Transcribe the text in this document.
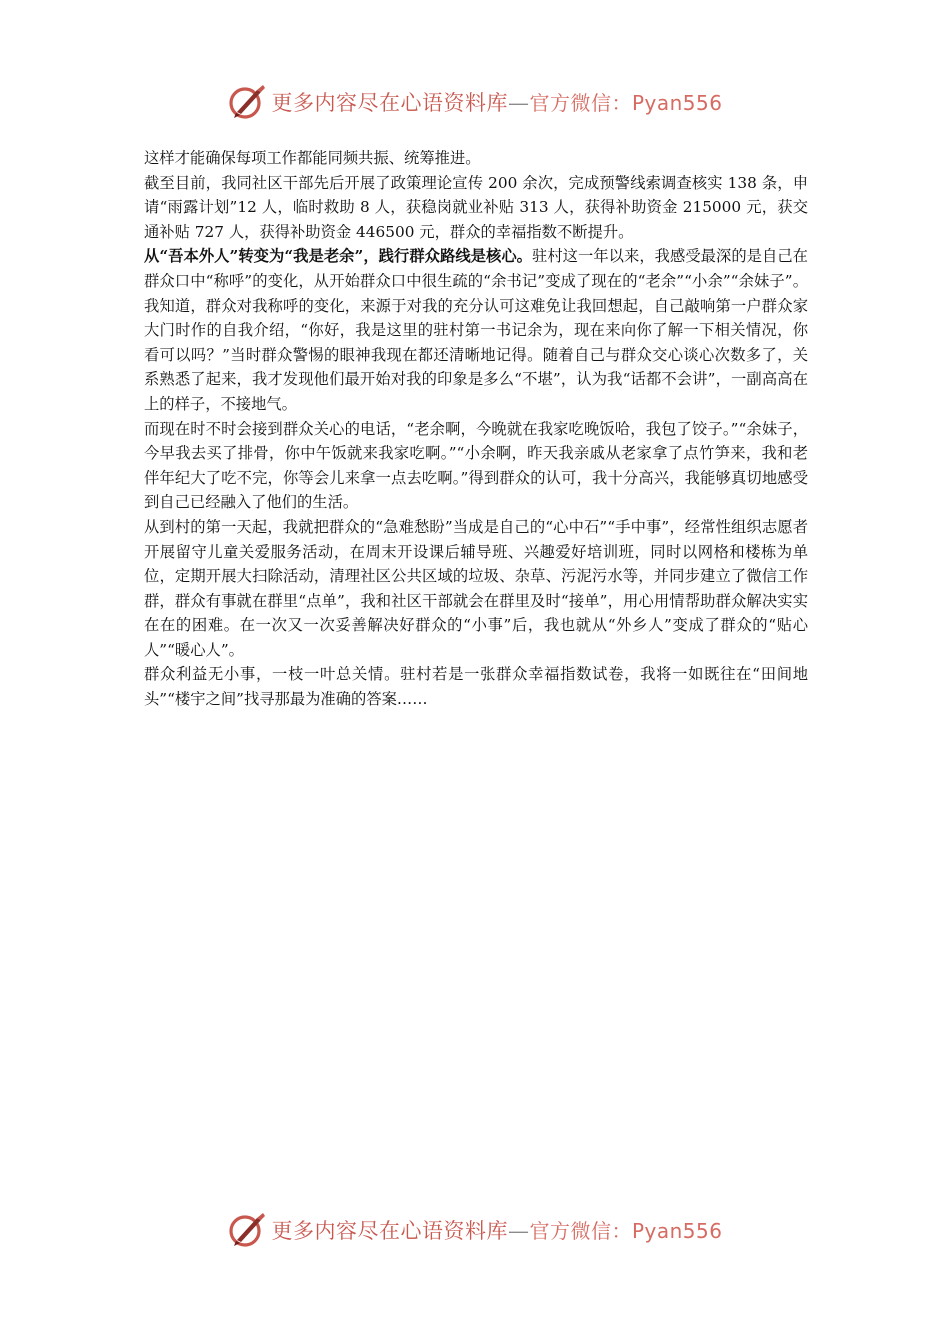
更多内容尽在心语资料库—官方微信：Pyan556

这样才能确保每项工作都能同频共振、统筹推进。

截至目前，我同社区干部先后开展了政策理论宣传 200 余次，完成预警线索调查核实 138 条，申请“雨露计划”12 人，临时救助 8 人，获稳岗就业补贴 313 人，获得补助资金 215000 元，获交通补贴 727 人，获得补助资金 446500 元，群众的幸福指数不断提升。

从“吾本外人”转变为“我是老余”，践行群众路线是核心。驻村这一年以来，我感受最深的是自己在群众口中“称呼”的变化，从开始群众口中很生疏的“余书记”变成了现在的“老余”“小余”“余妹子”。我知道，群众对我称呼的变化，来源于对我的充分认可这难免让我回想起，自己敲响第一户群众家大门时作的自我介绍，“你好，我是这里的驻村第一书记余为，现在来向你了解一下相关情况，你看可以吗？”当时群众警惕的眼神我现在都还清晰地记得。随着自己与群众交心谈心次数多了，关系熟悉了起来，我才发现他们最开始对我的印象是多么“不堪”，认为我“话都不会讲”，一副高高在上的样子，不接地气。

而现在时不时会接到群众关心的电话，“老余啊，今晚就在我家吃晚饭哈，我包了饺子。”“余妹子，今早我去买了排骨，你中午饭就来我家吃啊。”“小余啊，昨天我亲戚从老家拿了点竹笋来，我和老伴年纪大了吃不完，你等会儿来拿一点去吃啊。”得到群众的认可，我十分高兴，我能够真切地感受到自己已经融入了他们的生活。

从到村的第一天起，我就把群众的“急难愁盼”当成是自己的“心中石”“手中事”，经常性组织志愿者开展留守儿童关爱服务活动，在周末开设课后辅导班、兴趣爱好培训班，同时以网格和楼栋为单位，定期开展大扫除活动，清理社区公共区域的垃圾、杂草、污泥污水等，并同步建立了微信工作群，群众有事就在群里“点单”，我和社区干部就会在群里及时“接单”，用心用情帮助群众解决实实在在的困难。在一次又一次妥善解决好群众的“小事”后，我也就从“外乡人”变成了群众的“贴心人”“暖心人”。

群众利益无小事，一枝一叶总关情。驻村若是一张群众幸福指数试卷，我将一如既往在“田间地头”“楼宇之间”找寻那最为准确的答案……

更多内容尽在心语资料库—官方微信：Pyan556
